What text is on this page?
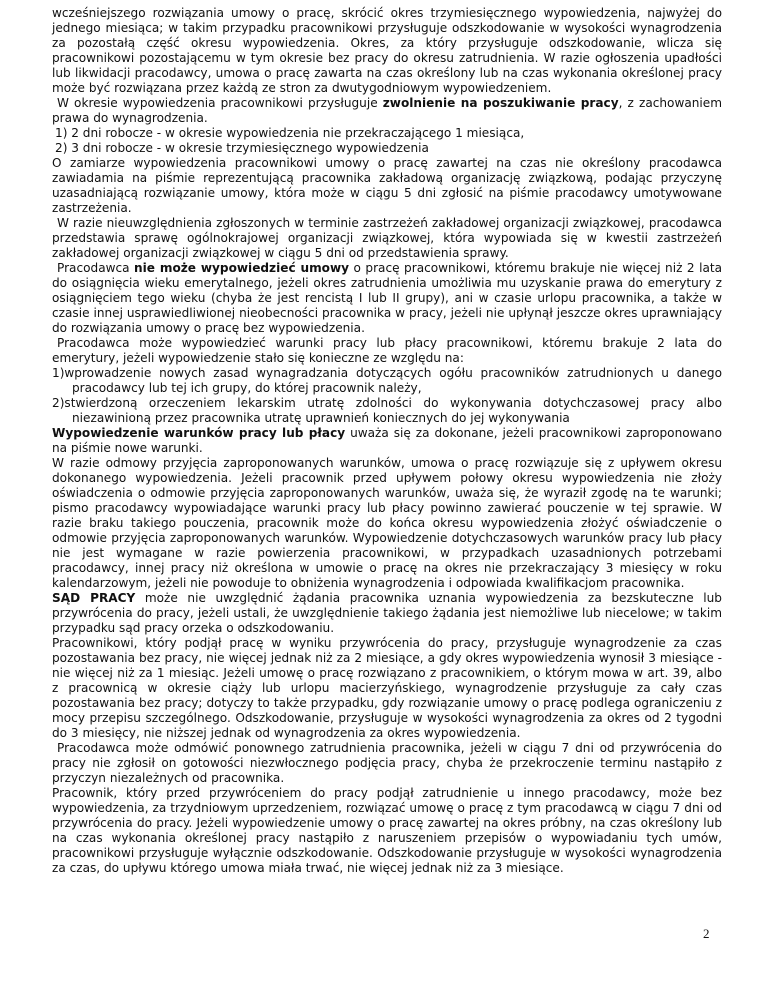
wcześniejszego rozwiązania umowy o pracę, skrócić okres trzymiesięcznego wypowiedzenia, najwyżej do jednego miesiąca; w takim przypadku pracownikowi przysługuje odszkodowanie w wysokości wynagrodzenia za pozostałą część okresu wypowiedzenia. Okres, za który przysługuje odszkodowanie, wlicza się pracownikowi pozostającemu w tym okresie bez pracy do okresu zatrudnienia. W razie ogłoszenia upadłości lub likwidacji pracodawcy, umowa o pracę zawarta na czas określony lub na czas wykonania określonej pracy może być rozwiązana przez każdą ze stron za dwutygodniowym wypowiedzeniem.

W okresie wypowiedzenia pracownikowi przysługuje zwolnienie na poszukiwanie pracy, z zachowaniem prawa do wynagrodzenia.

1) 2 dni robocze - w okresie wypowiedzenia nie przekraczającego 1 miesiąca,

2) 3 dni robocze - w okresie trzymiesięcznego wypowiedzenia

O zamiarze wypowiedzenia pracownikowi umowy o pracę zawartej na czas nie określony pracodawca zawiadamia na piśmie reprezentującą pracownika zakładową organizację związkową, podając przyczynę uzasadniającą rozwiązanie umowy, która może w ciągu 5 dni zgłosić na piśmie pracodawcy umotywowane zastrzeżenia.

W razie nieuwzględnienia zgłoszonych w terminie zastrzeżeń zakładowej organizacji związkowej, pracodawca przedstawia sprawę ogólnokrajowej organizacji związkowej, która wypowiada się w kwestii zastrzeżeń zakładowej organizacji związkowej w ciągu 5 dni od przedstawienia sprawy.

Pracodawca nie może wypowiedzieć umowy o pracę pracownikowi, któremu brakuje nie więcej niż 2 lata do osiągnięcia wieku emerytalnego, jeżeli okres zatrudnienia umożliwia mu uzyskanie prawa do emerytury z osiągnięciem tego wieku (chyba że jest rencistą I lub II grupy), ani w czasie urlopu pracownika, a także w czasie innej usprawiedliwionej nieobecności pracownika w pracy, jeżeli nie upłynął jeszcze okres uprawniający do rozwiązania umowy o pracę bez wypowiedzenia.

Pracodawca może wypowiedzieć warunki pracy lub płacy pracownikowi, któremu brakuje 2 lata do emerytury, jeżeli wypowiedzenie stało się konieczne ze względu na:

1)wprowadzenie nowych zasad wynagradzania dotyczących ogółu pracowników zatrudnionych u danego pracodawcy lub tej ich grupy, do której pracownik należy,

2)stwierdzoną orzeczeniem lekarskim utratę zdolności do wykonywania dotychczasowej pracy albo niezawinioną przez pracownika utratę uprawnień koniecznych do jej wykonywania

Wypowiedzenie warunków pracy lub płacy uważa się za dokonane, jeżeli pracownikowi zaproponowano na piśmie nowe warunki.

W razie odmowy przyjęcia zaproponowanych warunków, umowa o pracę rozwiązuje się z upływem okresu dokonanego wypowiedzenia. Jeżeli pracownik przed upływem połowy okresu wypowiedzenia nie złoży oświadczenia o odmowie przyjęcia zaproponowanych warunków, uważa się, że wyraził zgodę na te warunki; pismo pracodawcy wypowiadające warunki pracy lub płacy powinno zawierać pouczenie w tej sprawie. W razie braku takiego pouczenia, pracownik może do końca okresu wypowiedzenia złożyć oświadczenie o odmowie przyjęcia zaproponowanych warunków. Wypowiedzenie dotychczasowych warunków pracy lub płacy nie jest wymagane w razie powierzenia pracownikowi, w przypadkach uzasadnionych potrzebami pracodawcy, innej pracy niż określona w umowie o pracę na okres nie przekraczający 3 miesięcy w roku kalendarzowym, jeżeli nie powoduje to obniżenia wynagrodzenia i odpowiada kwalifikacjom pracownika.

SĄD PRACY może nie uwzględnić żądania pracownika uznania wypowiedzenia za bezskuteczne lub przywrócenia do pracy, jeżeli ustali, że uwzględnienie takiego żądania jest niemożliwe lub niecelowe; w takim przypadku sąd pracy orzeka o odszkodowaniu.

Pracownikowi, który podjął pracę w wyniku przywrócenia do pracy, przysługuje wynagrodzenie za czas pozostawania bez pracy, nie więcej jednak niż za 2 miesiące, a gdy okres wypowiedzenia wynosił 3 miesiące - nie więcej niż za 1 miesiąc. Jeżeli umowę o pracę rozwiązano z pracownikiem, o którym mowa w art. 39, albo z pracownicą w okresie ciąży lub urlopu macierzyńskiego, wynagrodzenie przysługuje za cały czas pozostawania bez pracy; dotyczy to także przypadku, gdy rozwiązanie umowy o pracę podlega ograniczeniu z mocy przepisu szczególnego. Odszkodowanie, przysługuje w wysokości wynagrodzenia za okres od 2 tygodni do 3 miesięcy, nie niższej jednak od wynagrodzenia za okres wypowiedzenia.

Pracodawca może odmówić ponownego zatrudnienia pracownika, jeżeli w ciągu 7 dni od przywrócenia do pracy nie zgłosił on gotowości niezwłocznego podjęcia pracy, chyba że przekroczenie terminu nastąpiło z przyczyn niezależnych od pracownika.

Pracownik, który przed przywróceniem do pracy podjął zatrudnienie u innego pracodawcy, może bez wypowiedzenia, za trzydniowym uprzedzeniem, rozwiązać umowę o pracę z tym pracodawcą w ciągu 7 dni od przywrócenia do pracy. Jeżeli wypowiedzenie umowy o pracę zawartej na okres próbny, na czas określony lub na czas wykonania określonej pracy nastąpiło z naruszeniem przepisów o wypowiadaniu tych umów, pracownikowi przysługuje wyłącznie odszkodowanie. Odszkodowanie przysługuje w wysokości wynagrodzenia za czas, do upływu którego umowa miała trwać, nie więcej jednak niż za 3 miesiące.

2
